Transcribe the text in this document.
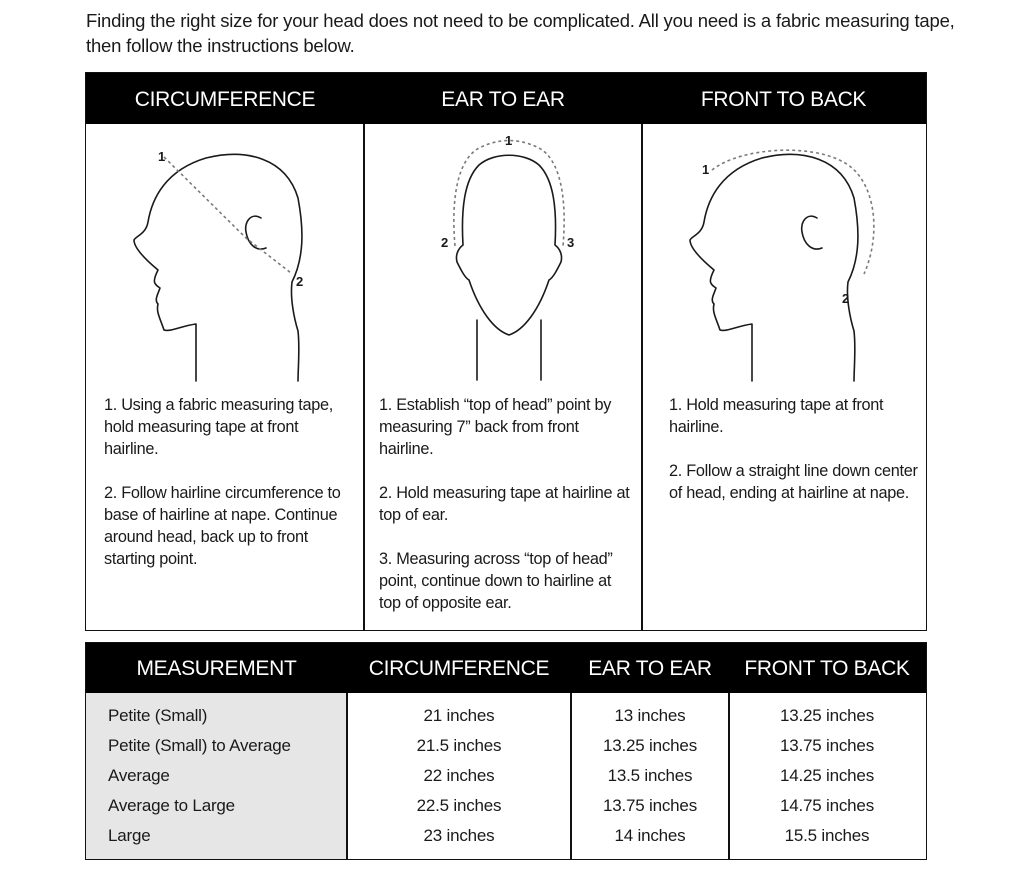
Finding the right size for your head does not need to be complicated. All you need is a fabric measuring tape, then follow the instructions below.

CIRCUMFERENCE	EAR TO EAR	FRONT TO BACK
1
2

1. Using a fabric measuring tape, hold measuring tape at front hairline.

2. Follow hairline circumference to base of hairline at nape. Continue around head, back up to front starting point.

1
2	3

1. Establish “top of head” point by measuring 7” back from front hairline.

2. Hold measuring tape at hairline at top of ear.

3. Measuring across “top of head” point, continue down to hairline at top of opposite ear.

1
2

1. Hold measuring tape at front hairline.

2. Follow a straight line down center of head, ending at hairline at nape.

MEASUREMENT	CIRCUMFERENCE	EAR TO EAR	FRONT TO BACK
Petite (Small)	21 inches	13 inches	13.25 inches
Petite (Small) to Average	21.5 inches	13.25 inches	13.75 inches
Average	22 inches	13.5 inches	14.25 inches
Average to Large	22.5 inches	13.75 inches	14.75 inches
Large	23 inches	14 inches	15.5 inches
